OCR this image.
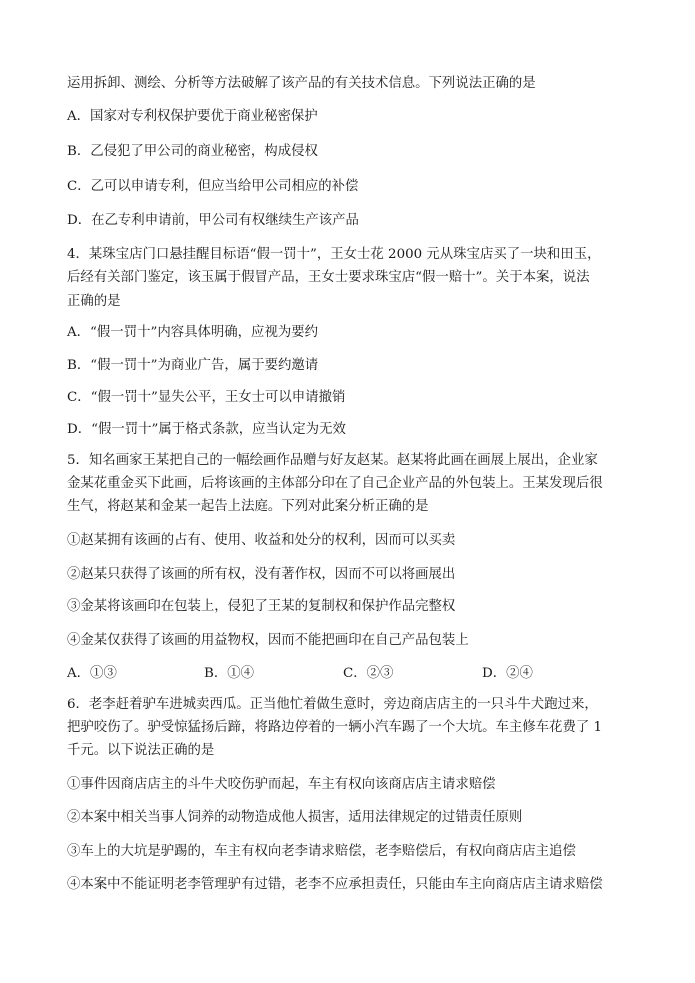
运用拆卸、测绘、分析等方法破解了该产品的有关技术信息。下列说法正确的是
A．国家对专利权保护要优于商业秘密保护
B．乙侵犯了甲公司的商业秘密，构成侵权
C．乙可以申请专利，但应当给甲公司相应的补偿
D．在乙专利申请前，甲公司有权继续生产该产品
4．某珠宝店门口悬挂醒目标语“假一罚十”，王女士花 2000 元从珠宝店买了一块和田玉，
后经有关部门鉴定，该玉属于假冒产品，王女士要求珠宝店“假一赔十”。关于本案，说法
正确的是
A．“假一罚十”内容具体明确，应视为要约
B．“假一罚十”为商业广告，属于要约邀请
C．“假一罚十”显失公平，王女士可以申请撤销
D．“假一罚十”属于格式条款，应当认定为无效
5．知名画家王某把自己的一幅绘画作品赠与好友赵某。赵某将此画在画展上展出，企业家
金某花重金买下此画，后将该画的主体部分印在了自己企业产品的外包装上。王某发现后很
生气，将赵某和金某一起告上法庭。下列对此案分析正确的是
①赵某拥有该画的占有、使用、收益和处分的权利，因而可以买卖
②赵某只获得了该画的所有权，没有著作权，因而不可以将画展出
③金某将该画印在包装上，侵犯了王某的复制权和保护作品完整权
④金某仅获得了该画的用益物权，因而不能把画印在自己产品包装上
A．①③	B．①④	C．②③	D．②④
6．老李赶着驴车进城卖西瓜。正当他忙着做生意时，旁边商店店主的一只斗牛犬跑过来，
把驴咬伤了。驴受惊猛扬后蹄，将路边停着的一辆小汽车踢了一个大坑。车主修车花费了 1
千元。以下说法正确的是
①事件因商店店主的斗牛犬咬伤驴而起，车主有权向该商店店主请求赔偿
②本案中相关当事人饲养的动物造成他人损害，适用法律规定的过错责任原则
③车上的大坑是驴踢的，车主有权向老李请求赔偿，老李赔偿后，有权向商店店主追偿
④本案中不能证明老李管理驴有过错，老李不应承担责任，只能由车主向商店店主请求赔偿
